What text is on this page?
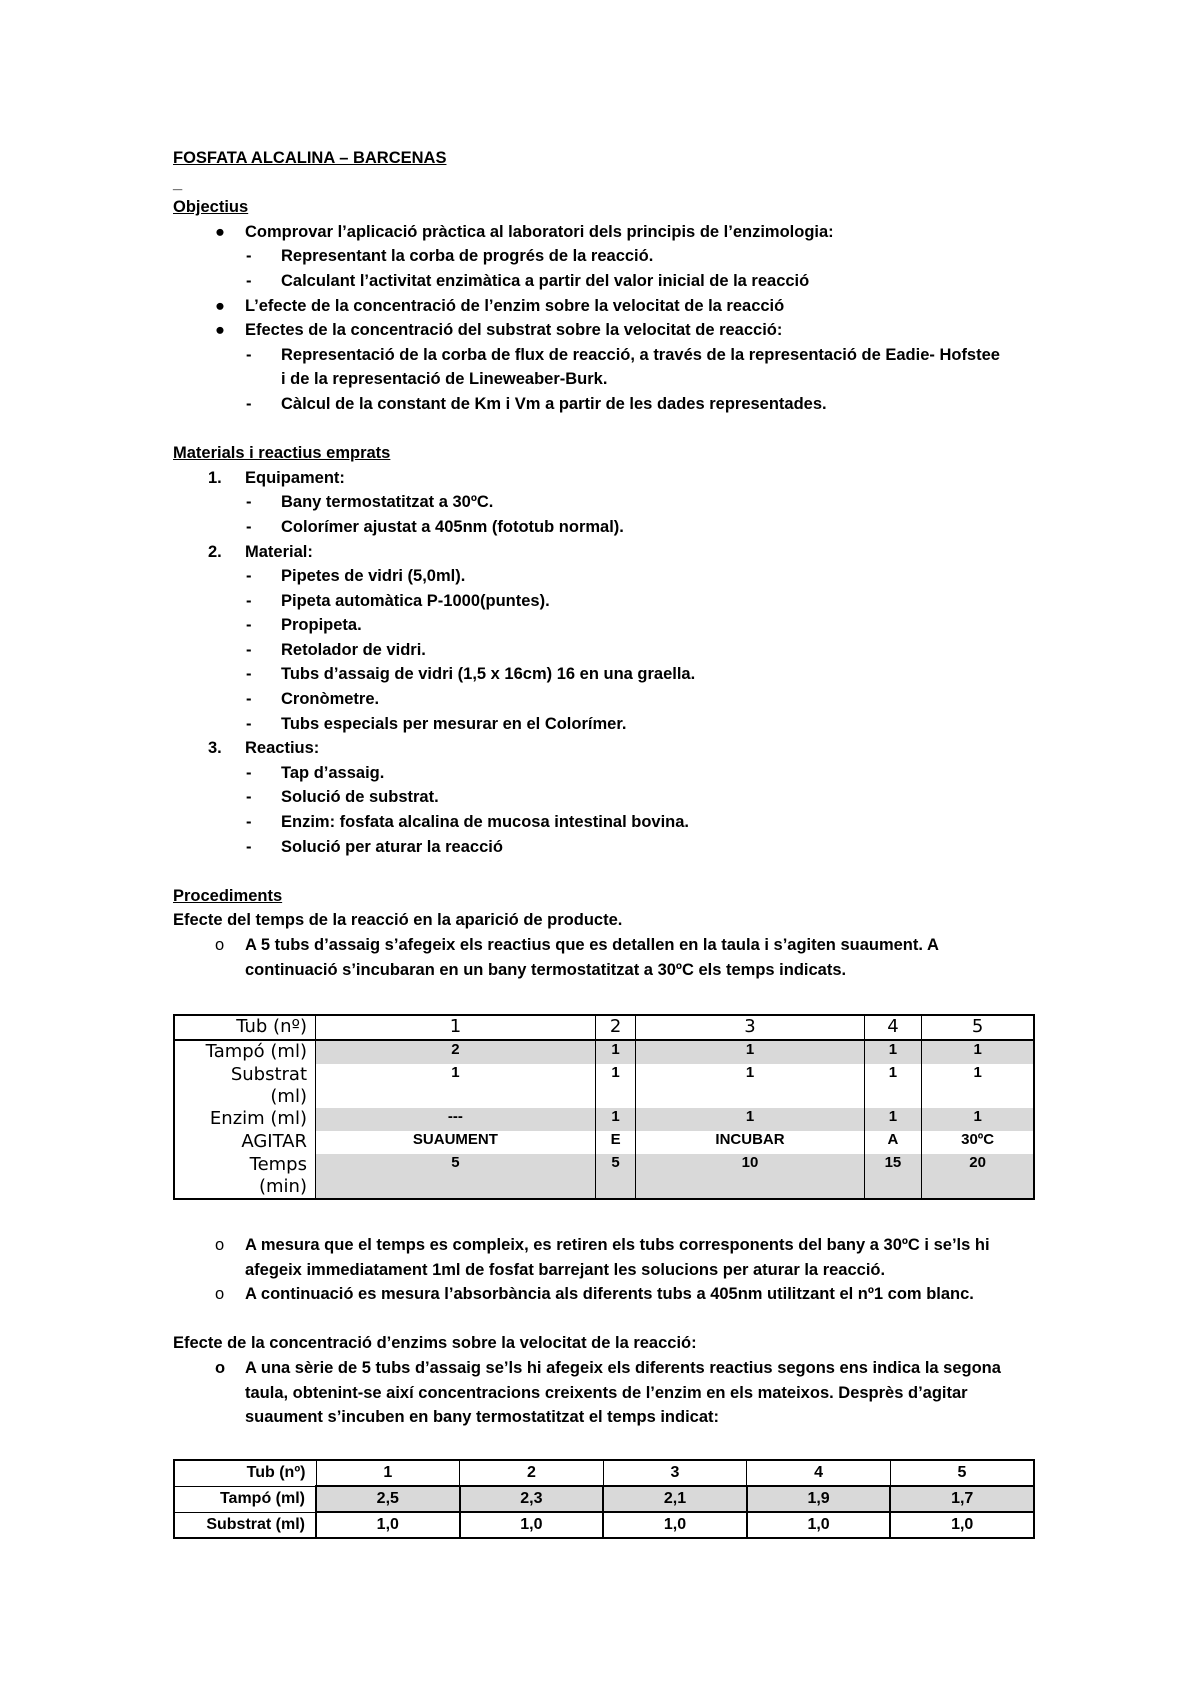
FOSFATA ALCALINA – BARCENAS
_
Objectius
● Comprovar l’aplicació pràctica al laboratori dels principis de l’enzimologia:
- Representant la corba de progrés de la reacció.
- Calculant l’activitat enzimàtica a partir del valor inicial de la reacció
● L’efecte de la concentració de l’enzim sobre la velocitat de la reacció
● Efectes de la concentració del substrat sobre la velocitat de reacció:
- Representació de la corba de flux de reacció, a través de la representació de Eadie- Hofstee
i de la representació de Lineweaber-Burk.
- Càlcul de la constant de Km i Vm a partir de les dades representades.
Materials i reactius emprats
1. Equipament:
- Bany termostatitzat a 30ºC.
- Colorímer ajustat a 405nm (fototub normal).
2. Material:
- Pipetes de vidri (5,0ml).
- Pipeta automàtica P-1000(puntes).
- Propipeta.
- Retolador de vidri.
- Tubs d’assaig de vidri (1,5 x 16cm) 16 en una graella.
- Cronòmetre.
- Tubs especials per mesurar en el Colorímer.
3. Reactius:
- Tap d’assaig.
- Solució de substrat.
- Enzim: fosfata alcalina de mucosa intestinal bovina.
- Solució per aturar la reacció
Procediments
Efecte del temps de la reacció en la aparició de producte.
o A 5 tubs d’assaig s’afegeix els reactius que es detallen en la taula i s’agiten suaument. A
continuació s’incubaran en un bany termostatitzat a 30ºC els temps indicats.
Tub (nº)	1	2	3	4	5
Tampó (ml)	2	1	1	1	1
Substrat
(ml)	1	1	1	1	1
Enzim (ml)	---	1	1	1	1
AGITAR	SUAUMENT	E	INCUBAR	A	30ºC
Temps
(min)	5	5	10	15	20
o A mesura que el temps es compleix, es retiren els tubs corresponents del bany a 30ºC i se’ls hi
afegeix immediatament 1ml de fosfat barrejant les solucions per aturar la reacció.
o A continuació es mesura l’absorbància als diferents tubs a 405nm utilitzant el nº1 com blanc.
Efecte de la concentració d’enzims sobre la velocitat de la reacció:
o A una sèrie de 5 tubs d’assaig se’ls hi afegeix els diferents reactius segons ens indica la segona
taula, obtenint-se així concentracions creixents de l’enzim en els mateixos. Desprès d’agitar
suaument s’incuben en bany termostatitzat el temps indicat:
Tub (nº)	1	2	3	4	5
Tampó (ml)	2,5	2,3	2,1	1,9	1,7
Substrat (ml)	1,0	1,0	1,0	1,0	1,0
